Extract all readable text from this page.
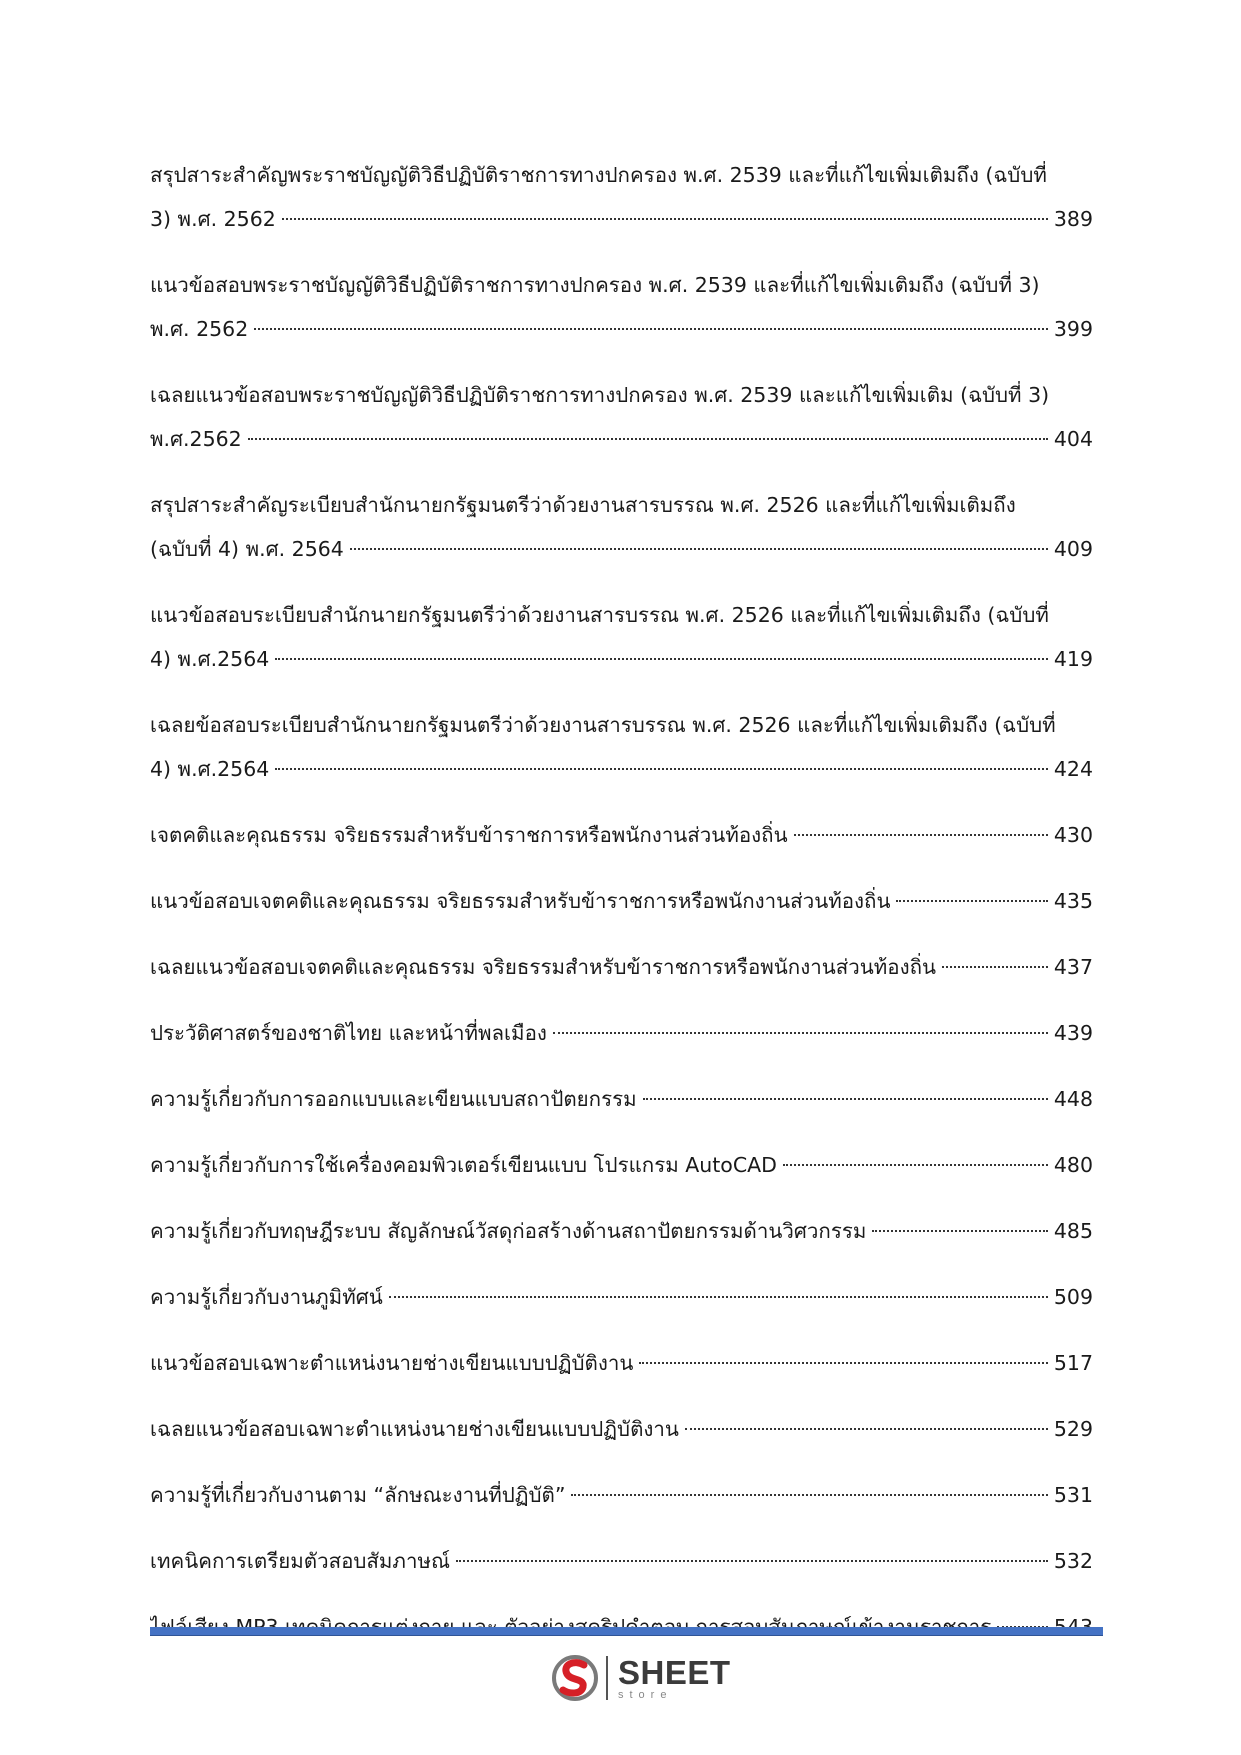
สรุปสาระสำคัญพระราชบัญญัติวิธีปฏิบัติราชการทางปกครอง พ.ศ. 2539 และที่แก้ไขเพิ่มเติมถึง (ฉบับที่
3) พ.ศ. 2562	389
แนวข้อสอบพระราชบัญญัติวิธีปฏิบัติราชการทางปกครอง พ.ศ. 2539 และที่แก้ไขเพิ่มเติมถึง (ฉบับที่ 3)
พ.ศ. 2562	399
เฉลยแนวข้อสอบพระราชบัญญัติวิธีปฏิบัติราชการทางปกครอง พ.ศ. 2539 และแก้ไขเพิ่มเติม (ฉบับที่ 3)
พ.ศ.2562	404
สรุปสาระสำคัญระเบียบสำนักนายกรัฐมนตรีว่าด้วยงานสารบรรณ พ.ศ. 2526 และที่แก้ไขเพิ่มเติมถึง
(ฉบับที่ 4) พ.ศ. 2564	409
แนวข้อสอบระเบียบสำนักนายกรัฐมนตรีว่าด้วยงานสารบรรณ พ.ศ. 2526 และที่แก้ไขเพิ่มเติมถึง (ฉบับที่
4) พ.ศ.2564	419
เฉลยข้อสอบระเบียบสำนักนายกรัฐมนตรีว่าด้วยงานสารบรรณ พ.ศ. 2526 และที่แก้ไขเพิ่มเติมถึง (ฉบับที่
4) พ.ศ.2564	424
เจตคติและคุณธรรม จริยธรรมสำหรับข้าราชการหรือพนักงานส่วนท้องถิ่น	430
แนวข้อสอบเจตคติและคุณธรรม จริยธรรมสำหรับข้าราชการหรือพนักงานส่วนท้องถิ่น	435
เฉลยแนวข้อสอบเจตคติและคุณธรรม จริยธรรมสำหรับข้าราชการหรือพนักงานส่วนท้องถิ่น	437
ประวัติศาสตร์ของชาติไทย และหน้าที่พลเมือง	439
ความรู้เกี่ยวกับการออกแบบและเขียนแบบสถาปัตยกรรม	448
ความรู้เกี่ยวกับการใช้เครื่องคอมพิวเตอร์เขียนแบบ โปรแกรม AutoCAD	480
ความรู้เกี่ยวกับทฤษฎีระบบ สัญลักษณ์วัสดุก่อสร้างด้านสถาปัตยกรรมด้านวิศวกรรม	485
ความรู้เกี่ยวกับงานภูมิทัศน์	509
แนวข้อสอบเฉพาะตำแหน่งนายช่างเขียนแบบปฏิบัติงาน	517
เฉลยแนวข้อสอบเฉพาะตำแหน่งนายช่างเขียนแบบปฏิบัติงาน	529
ความรู้ที่เกี่ยวกับงานตาม “ลักษณะงานที่ปฏิบัติ”	531
เทคนิคการเตรียมตัวสอบสัมภาษณ์	532
SHEET
store
